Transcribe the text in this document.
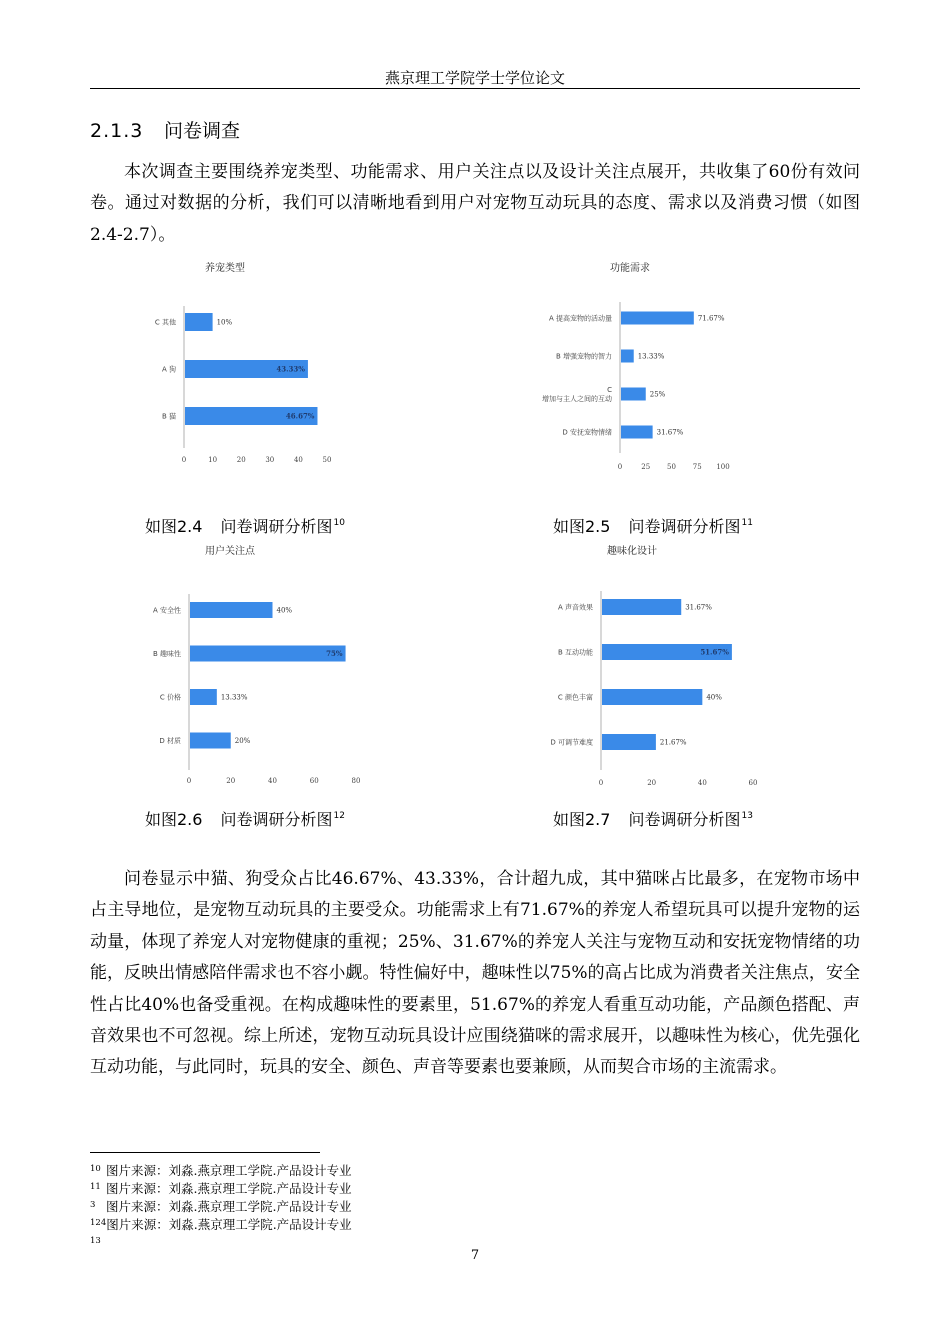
燕京理工学院学士学位论文
2.1.3 问卷调查

本次调查主要围绕养宠类型、功能需求、用户关注点以及设计关注点展开，共收集了60份有效问卷。通过对数据的分析，我们可以清晰地看到用户对宠物互动玩具的态度、需求以及消费习惯（如图2.4-2.7）。

养宠类型
0	10	20	30	40	50
C 其他	10%
A 狗	43.33%
B 猫	46.67%
如图2.4 问卷调研分析图$^{10}$
功能需求
0	25 50 75 100
A 提高宠物的活动量	71.67%
B 增强宠物的智力	13.33%
C 增加与主人之间的互动
25%
D 安抚宠物情绪	31.67%
如图2.5 问卷调研分析图$^{11}$
用户关注点
0	20	40	60	80
A 安全性	40%
B 趣味性	75%
C 价格	13.33%
D 材质	20%
如图2.6 问卷调研分析图$^{12}$
趣味化设计
0	20	40	60
A 声音效果	31.67%
B 互动功能	51.67%
C 颜色丰富	40%
D 可调节难度	21.67%
如图2.7 问卷调研分析图$^{13}$

问卷显示中猫、狗受众占比46.67%、43.33%，合计超九成，其中猫咪占比最多，在宠物市场中占主导地位，是宠物互动玩具的主要受众。功能需求上有71.67%的养宠人希望玩具可以提升宠物的运动量，体现了养宠人对宠物健康的重视；25%、31.67%的养宠人关注与宠物互动和安抚宠物情绪的功能，反映出情感陪伴需求也不容小觑。特性偏好中，趣味性以75%的高占比成为消费者关注焦点，安全性占比40%也备受重视。在构成趣味性的要素里，51.67%的养宠人看重互动功能，产品颜色搭配、声音效果也不可忽视。综上所述，宠物互动玩具设计应围绕猫咪的需求展开，以趣味性为核心，优先强化互动功能，与此同时，玩具的安全、颜色、声音等要素也要兼顾，从而契合市场的主流需求。

10 图片来源：刘淼.燕京理工学院.产品设计专业
11 图片来源：刘淼.燕京理工学院.产品设计专业
3 图片来源：刘淼.燕京理工学院.产品设计专业
124图片来源：刘淼.燕京理工学院.产品设计专业
13
7
